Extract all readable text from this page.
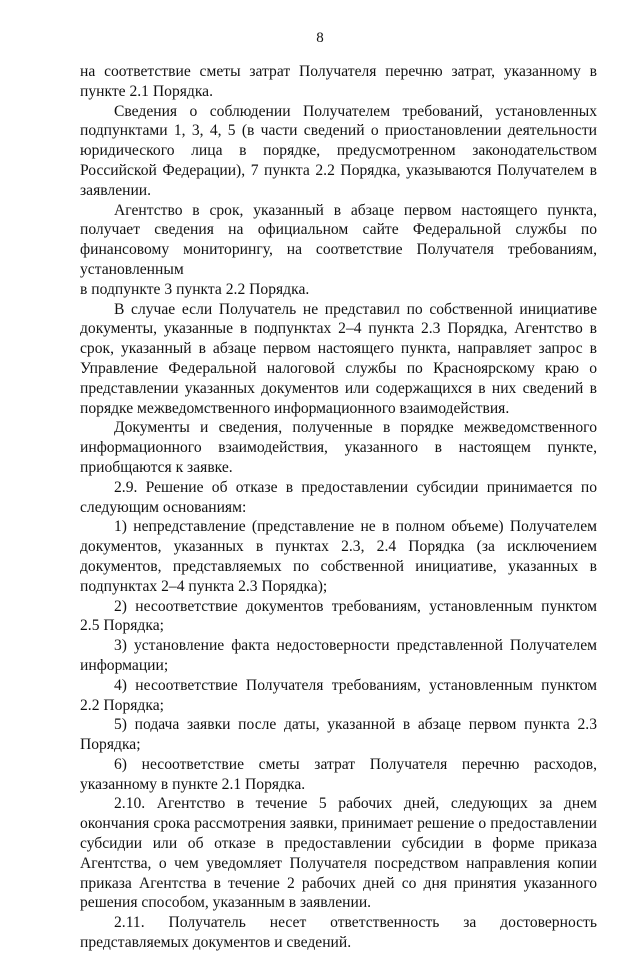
8

на соответствие сметы затрат Получателя перечню затрат, указанному в пункте 2.1 Порядка.

Сведения о соблюдении Получателем требований, установленных подпунктами 1, 3, 4, 5 (в части сведений о приостановлении деятельности юридического лица в порядке, предусмотренном законодательством Российской Федерации), 7 пункта 2.2 Порядка, указываются Получателем в заявлении.

Агентство в срок, указанный в абзаце первом настоящего пункта, получает сведения на официальном сайте Федеральной службы по финансовому мониторингу, на соответствие Получателя требованиям, установленным

в подпункте 3 пункта 2.2 Порядка.

В случае если Получатель не представил по собственной инициативе документы, указанные в подпунктах 2–4 пункта 2.3 Порядка, Агентство в срок, указанный в абзаце первом настоящего пункта, направляет запрос в Управление Федеральной налоговой службы по Красноярскому краю о представлении указанных документов или содержащихся в них сведений в порядке межведомственного информационного взаимодействия.

Документы и сведения, полученные в порядке межведомственного информационного взаимодействия, указанного в настоящем пункте, приобщаются к заявке.

2.9. Решение об отказе в предоставлении субсидии принимается по следующим основаниям:

1) непредставление (представление не в полном объеме) Получателем документов, указанных в пунктах 2.3, 2.4 Порядка (за исключением документов, представляемых по собственной инициативе, указанных в подпунктах 2–4 пункта 2.3 Порядка);

2) несоответствие документов требованиям, установленным пунктом 2.5 Порядка;

3) установление факта недостоверности представленной Получателем информации;

4) несоответствие Получателя требованиям, установленным пунктом 2.2 Порядка;

5) подача заявки после даты, указанной в абзаце первом пункта 2.3 Порядка;

6) несоответствие сметы затрат Получателя перечню расходов, указанному в пункте 2.1 Порядка.

2.10. Агентство в течение 5 рабочих дней, следующих за днем окончания срока рассмотрения заявки, принимает решение о предоставлении субсидии или об отказе в предоставлении субсидии в форме приказа Агентства, о чем уведомляет Получателя посредством направления копии приказа Агентства в течение 2 рабочих дней со дня принятия указанного решения способом, указанным в заявлении.

2.11. Получатель несет ответственность за достоверность представляемых документов и сведений.
